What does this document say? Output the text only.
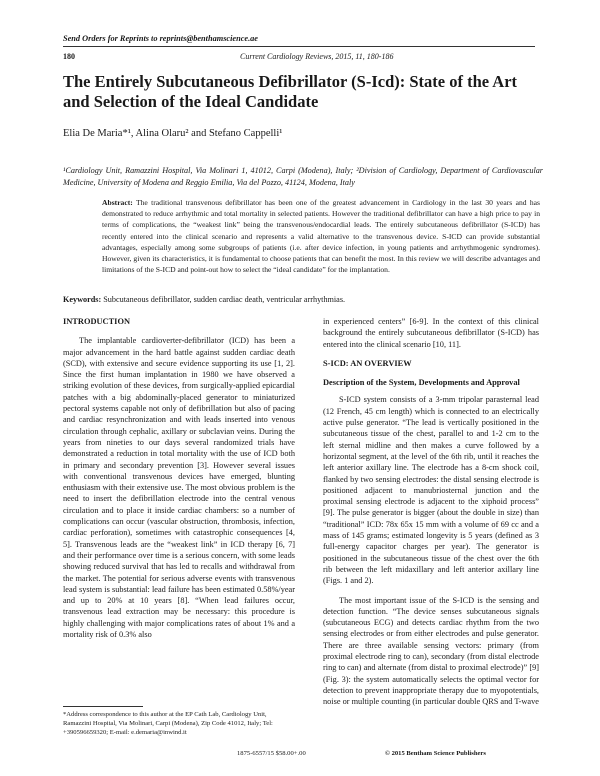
Send Orders for Reprints to reprints@benthamscience.ae
180	Current Cardiology Reviews, 2015, 11, 180-186
The Entirely Subcutaneous Defibrillator (S-Icd): State of the Art and Selection of the Ideal Candidate
Elia De Maria*¹, Alina Olaru² and Stefano Cappelli¹
¹Cardiology Unit, Ramazzini Hospital, Via Molinari 1, 41012, Carpi (Modena), Italy; ²Division of Cardiology, Department of Cardiovascular Medicine, University of Modena and Reggio Emilia, Via del Pozzo, 41124, Modena, Italy
Abstract: The traditional transvenous defibrillator has been one of the greatest advancement in Cardiology in the last 30 years and has demonstrated to reduce arrhythmic and total mortality in selected patients. However the traditional defibrillator can have a high price to pay in terms of complications, the “weakest link” being the transvenous/endocardial leads. The entirely subcutaneous defibrillator (S-ICD) has recently entered into the clinical scenario and represents a valid alternative to the transvenous device. S-ICD can provide substantial advantages, especially among some subgroups of patients (i.e. after device infection, in young patients and arrhythmogenic syndromes). However, given its characteristics, it is fundamental to choose patients that can benefit the most. In this review we will describe advantages and limitations of the S-ICD and point-out how to select the “ideal candidate” for the implantation.
Keywords: Subcutaneous defibrillator, sudden cardiac death, ventricular arrhythmias.
INTRODUCTION

The implantable cardioverter-defibrillator (ICD) has been a major advancement in the hard battle against sudden cardiac death (SCD), with extensive and secure evidence supporting its use [1, 2]. Since the first human implantation in 1980 we have observed a striking evolution of these devices, from surgically-applied epicardial patches with a big abdominally-placed generator to miniaturized pectoral systems capable not only of defibrillation but also of pacing and cardiac resynchronization and with leads inserted into venous circulation through cephalic, axillary or subclavian veins. During the years from nineties to our days several randomized trials have demonstrated a reduction in total mortality with the use of ICD both in primary and secondary prevention [3]. However several issues with conventional transvenous devices have emerged, blunting enthusiasm with their extensive use. The most obvious problem is the need to insert the defibrillation electrode into the central venous circulation and to place it inside cardiac chambers: so a number of complications can occur (vascular obstruction, thrombosis, infection, cardiac perforation), sometimes with catastrophic consequences [4, 5]. Transvenous leads are the “weakest link” in ICD therapy [6, 7] and their performance over time is a serious concern, with some leads showing reduced survival that has led to recalls and withdrawal from the market. The potential for serious adverse events with transvenous lead system is substantial: lead failure has been estimated 0.58%/year and up to 20% at 10 years [8]. “When lead failures occur, transvenous lead extraction may be necessary: this procedure is highly challenging with major complications rates of about 1% and a mortality risk of 0.3% also

in experienced centers” [6-9]. In the context of this clinical background the entirely subcutaneous defibrillator (S-ICD) has entered into the clinical scenario [10, 11].

S-ICD: AN OVERVIEW
Description of the System, Developments and Approval

S-ICD system consists of a 3-mm tripolar parasternal lead (12 French, 45 cm length) which is connected to an electrically active pulse generator. “The lead is vertically positioned in the subcutaneous tissue of the chest, parallel to and 1-2 cm to the left sternal midline and then makes a curve followed by a horizontal segment, at the level of the 6th rib, until it reaches the left anterior axillary line. The electrode has a 8-cm shock coil, flanked by two sensing electrodes: the distal sensing electrode is positioned adjacent to manubriosternal junction and the proximal sensing electrode is adjacent to the xiphoid process” [9]. The pulse generator is bigger (about the double in size) than “traditional” ICD: 78x 65x 15 mm with a volume of 69 cc and a mass of 145 grams; estimated longevity is 5 years (defined as 3 full-energy capacitor charges per year). The generator is positioned in the subcutaneous tissue of the chest over the 6th rib between the left midaxillary and left anterior axillary line (Figs. 1 and 2).

The most important issue of the S-ICD is the sensing and detection function. “The device senses subcutaneous signals (subcutaneous ECG) and detects cardiac rhythm from the two sensing electrodes or from either electrodes and pulse generator. There are three available sensing vectors: primary (from proximal electrode ring to can), secondary (from distal electrode ring to can) and alternate (from distal to proximal electrode)” [9] (Fig. 3): the system automatically selects the optimal vector for detection to prevent inappropriate therapy due to myopotentials, noise or multiple counting (in particular double QRS and T-wave

*Address correspondence to this author at the EP Cath Lab, Cardiology Unit, Ramazzini Hospital, Via Molinari, Carpi (Modena), Zip Code 41012, Italy; Tel: +390596659320; E-mail: e.demaria@inwind.it
1875-6557/15 $58.00+.00	© 2015 Bentham Science Publishers
